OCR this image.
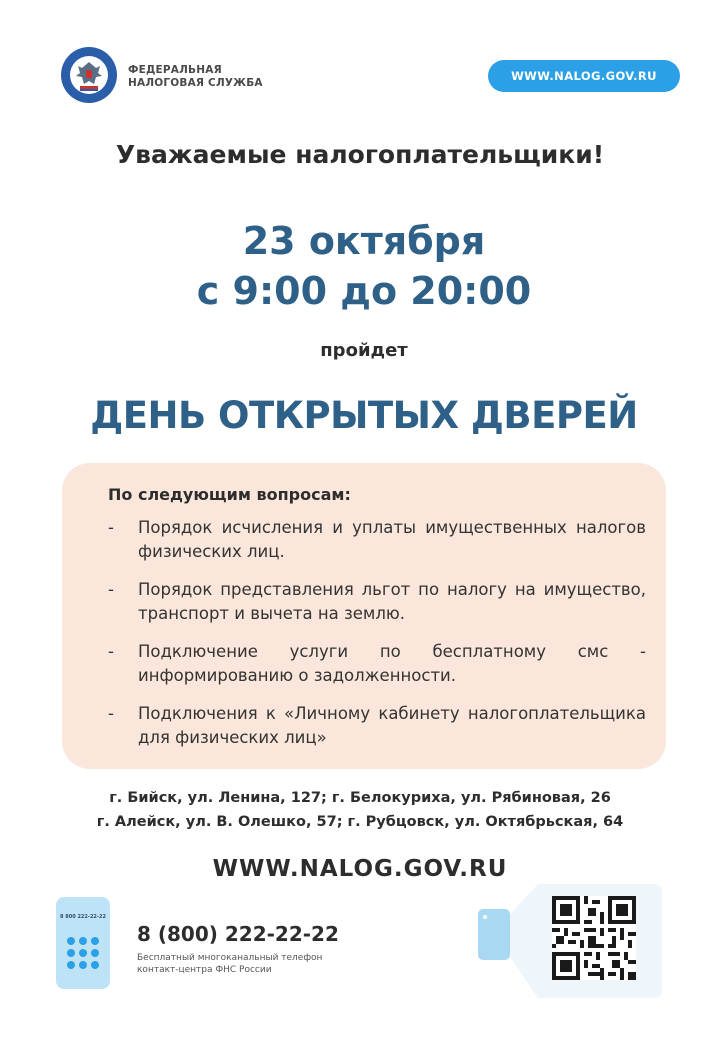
ФЕДЕРАЛЬНАЯ
НАЛОГОВАЯ СЛУЖБА	WWW.NALOG.GOV.RU
Уважаемые налогоплательщики!
23 октября
с 9:00 до 20:00
пройдет
ДЕНЬ ОТКРЫТЫХ ДВЕРЕЙ
По следующим вопросам:
- Порядок исчисления и уплаты имущественных налогов физических лиц.
- Порядок представления льгот по налогу на имущество, транспорт и вычета на землю.
- Подключение услуги по бесплатному смс - информированию о задолженности.
- Подключения к «Личному кабинету налогоплательщика для физических лиц»
г. Бийск, ул. Ленина, 127; г. Белокуриха, ул. Рябиновая, 26
г. Алейск, ул. В. Олешко, 57; г. Рубцовск, ул. Октябрьская, 64
WWW.NALOG.GOV.RU
8 800 222-22-22
8 (800) 222-22-22
Бесплатный многоканальный телефон
контакт-центра ФНС России
